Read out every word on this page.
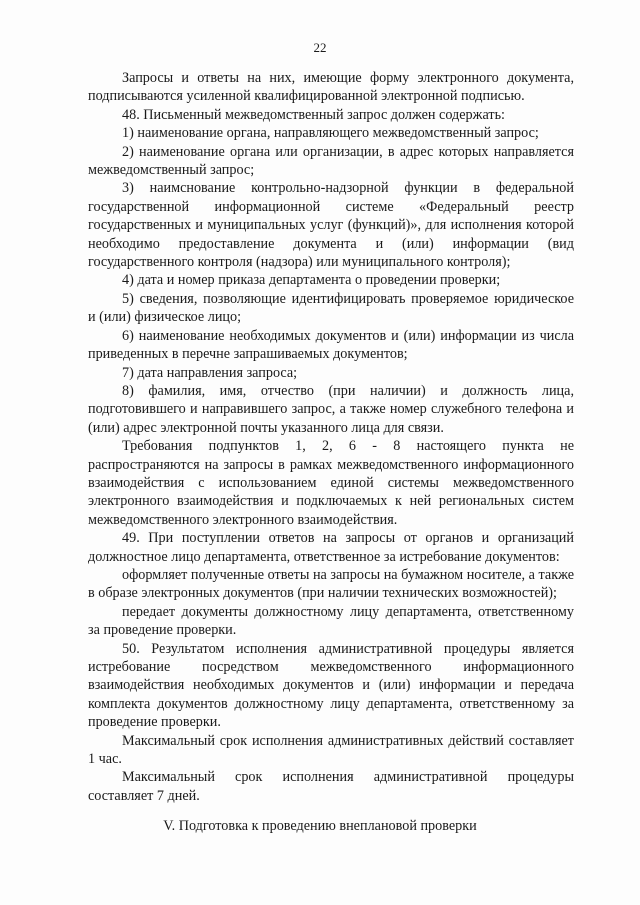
22

Запросы и ответы на них, имеющие форму электронного документа, подписываются усиленной квалифицированной электронной подписью.

48. Письменный межведомственный запрос должен содержать:

1) наименование органа, направляющего межведомственный запрос;

2) наименование органа или организации, в адрес которых направляется межведомственный запрос;

3) наимснование контрольно-надзорной функции в федеральной государственной информационной системе «Федеральный реестр государственных и муниципальных услуг (функций)», для исполнения которой необходимо предоставление документа и (или) информации (вид государственного контроля (надзора) или муниципального контроля);

4) дата и номер приказа департамента о проведении проверки;

5) сведения, позволяющие идентифицировать проверяемое юридическое и (или) физическое лицо;

6) наименование необходимых документов и (или) информации из числа приведенных в перечне запрашиваемых документов;

7) дата направления запроса;

8) фамилия, имя, отчество (при наличии) и должность лица, подготовившего и направившего запрос, а также номер служебного телефона и (или) адрес электронной почты указанного лица для связи.

Требования подпунктов 1, 2, 6 - 8 настоящего пункта не распространяются на запросы в рамках межведомственного информационного взаимодействия с использованием единой системы межведомственного электронного взаимодействия и подключаемых к ней региональных систем межведомственного электронного взаимодействия.

49. При поступлении ответов на запросы от органов и организаций должностное лицо департамента, ответственное за истребование документов:

оформляет полученные ответы на запросы на бумажном носителе, а также в образе электронных документов (при наличии технических возможностей);

передает документы должностному лицу департамента, ответственному за проведение проверки.

50. Результатом исполнения административной процедуры является истребование посредством межведомственного информационного взаимодействия необходимых документов и (или) информации и передача комплекта документов должностному лицу департамента, ответственному за проведение проверки.

Максимальный срок исполнения административных действий составляет 1 час.

Максимальный срок исполнения административной процедуры составляет 7 дней.

V. Подготовка к проведению внеплановой проверки
